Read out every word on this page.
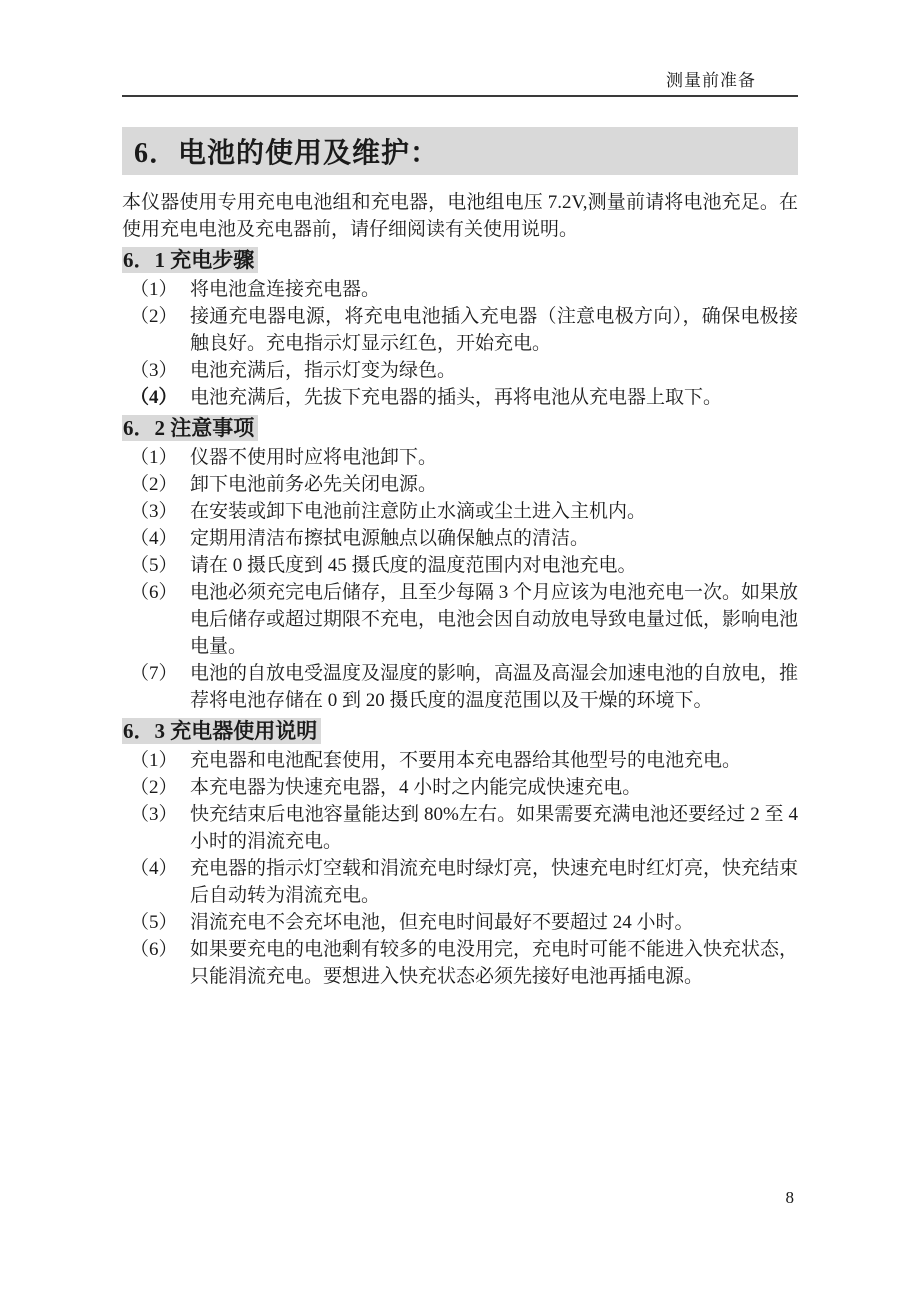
测量前准备
6．电池的使用及维护：

本仪器使用专用充电电池组和充电器，电池组电压 7.2V,测量前请将电池充足。在使用充电电池及充电器前，请仔细阅读有关使用说明。

6．1 充电步骤
（1） 将电池盒连接充电器。
（2） 接通充电器电源，将充电电池插入充电器（注意电极方向），确保电极接触良好。充电指示灯显示红色，开始充电。
（3） 电池充满后，指示灯变为绿色。
（4） 电池充满后，先拔下充电器的插头，再将电池从充电器上取下。
6．2 注意事项
（1） 仪器不使用时应将电池卸下。
（2） 卸下电池前务必先关闭电源。
（3） 在安装或卸下电池前注意防止水滴或尘土进入主机内。
（4） 定期用清洁布擦拭电源触点以确保触点的清洁。
（5） 请在 0 摄氏度到 45 摄氏度的温度范围内对电池充电。
（6） 电池必须充完电后储存，且至少每隔 3 个月应该为电池充电一次。如果放电后储存或超过期限不充电，电池会因自动放电导致电量过低，影响电池电量。
（7） 电池的自放电受温度及湿度的影响，高温及高湿会加速电池的自放电，推荐将电池存储在 0 到 20 摄氏度的温度范围以及干燥的环境下。
6．3 充电器使用说明
（1） 充电器和电池配套使用，不要用本充电器给其他型号的电池充电。
（2） 本充电器为快速充电器，4 小时之内能完成快速充电。
（3） 快充结束后电池容量能达到 80%左右。如果需要充满电池还要经过 2 至 4 小时的涓流充电。
（4） 充电器的指示灯空载和涓流充电时绿灯亮，快速充电时红灯亮，快充结束后自动转为涓流充电。
（5） 涓流充电不会充坏电池，但充电时间最好不要超过 24 小时。
（6） 如果要充电的电池剩有较多的电没用完，充电时可能不能进入快充状态，只能涓流充电。要想进入快充状态必须先接好电池再插电源。
8
